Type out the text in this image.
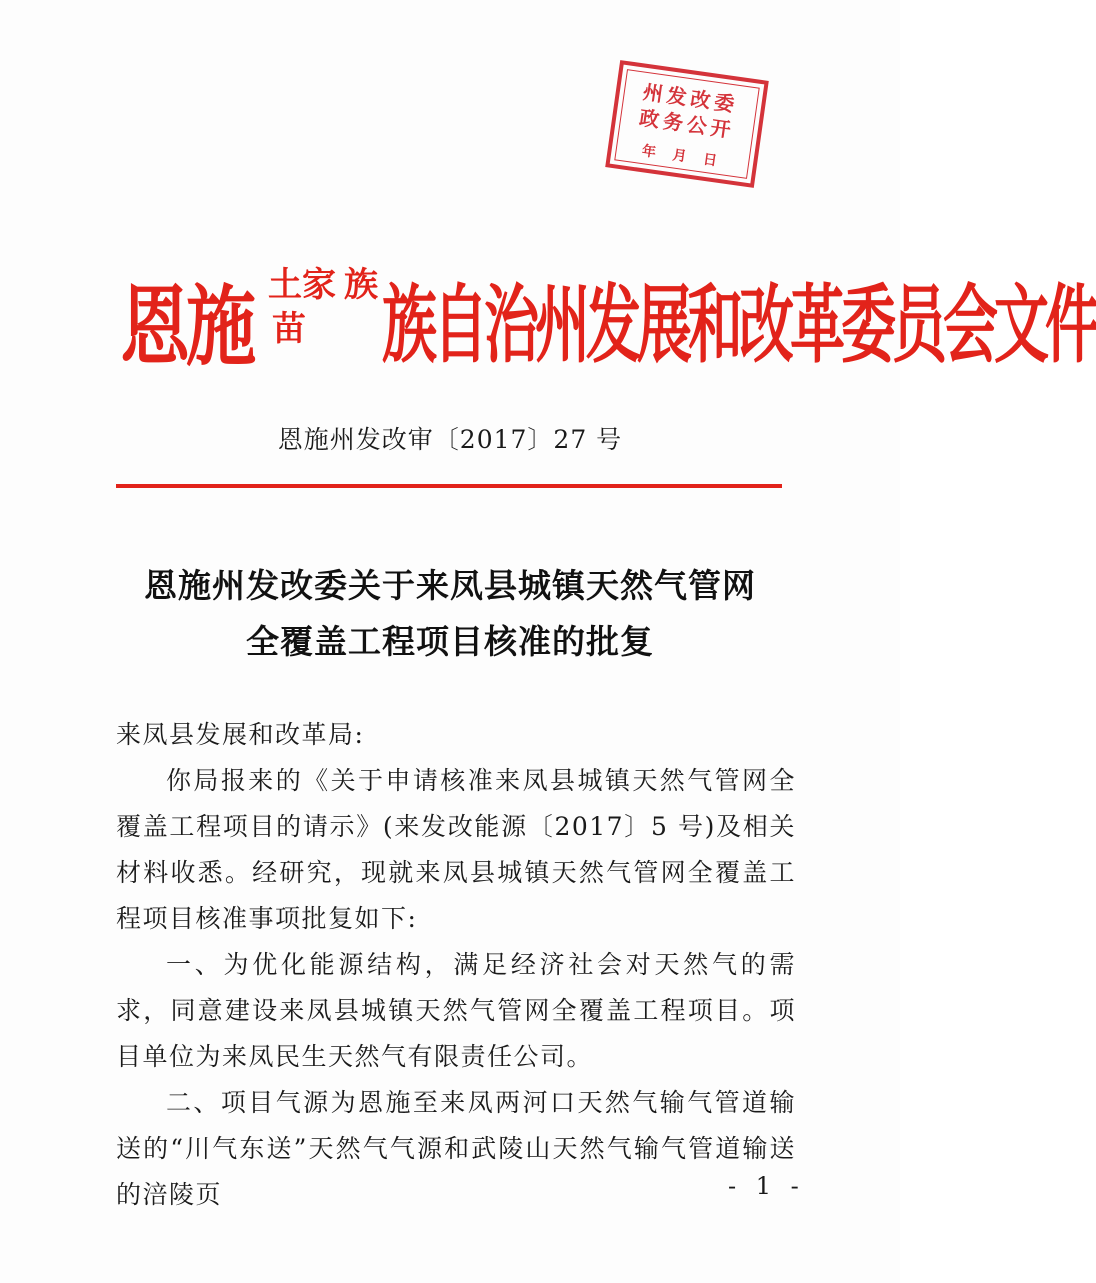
州发改委
政务公开
年 月 日
恩施 土家
苗
族 族自治州发展和改革委员会文件
恩施州发改审〔2017〕27 号
恩施州发改委关于来凤县城镇天然气管网
全覆盖工程项目核准的批复

来凤县发展和改革局:

你局报来的《关于申请核准来凤县城镇天然气管网全覆盖工程项目的请示》(来发改能源〔2017〕5 号)及相关材料收悉。经研究，现就来凤县城镇天然气管网全覆盖工程项目核准事项批复如下:

一、为优化能源结构，满足经济社会对天然气的需求，同意建设来凤县城镇天然气管网全覆盖工程项目。项目单位为来凤民生天然气有限责任公司。

二、项目气源为恩施至来凤两河口天然气输气管道输送的“川气东送”天然气气源和武陵山天然气输气管道输送的涪陵页	- 1 -
